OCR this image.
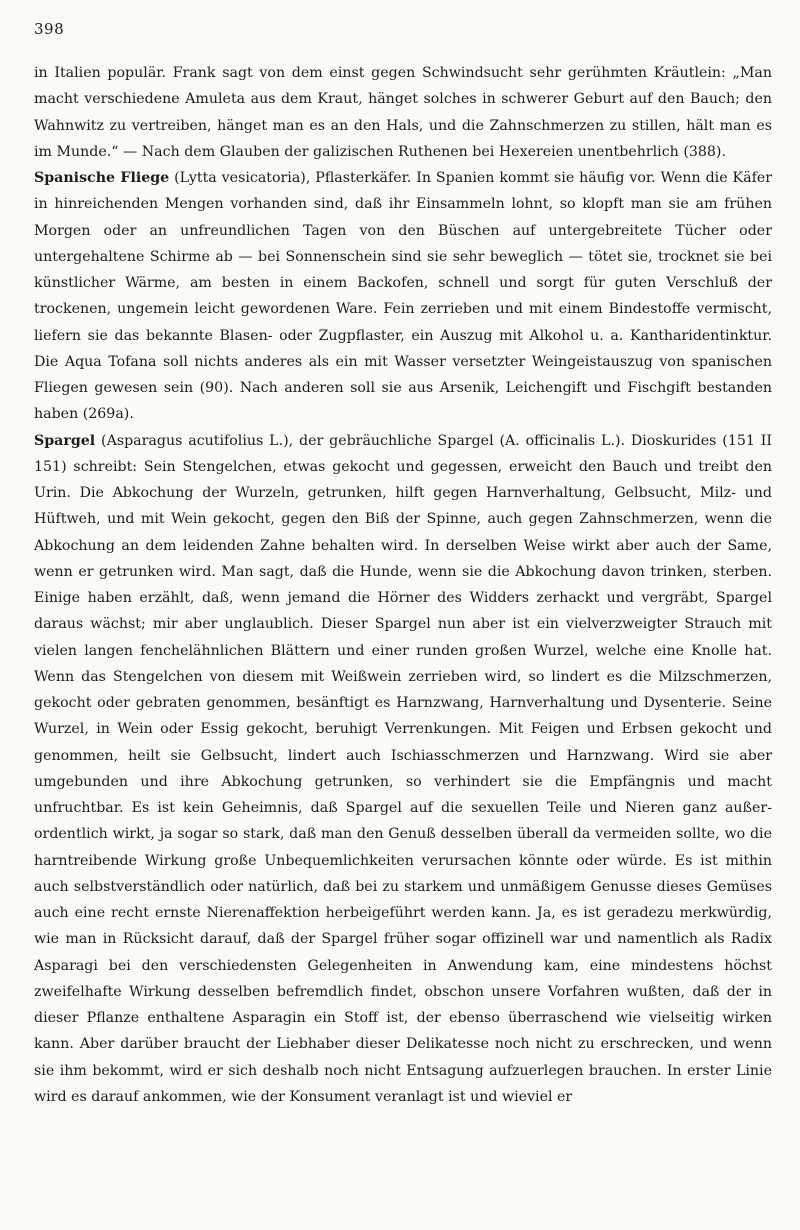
398

in Italien populär. Frank sagt von dem einst gegen Schwindsucht sehr gerühmten Kräutlein: „Man macht verschiedene Amuleta aus dem Kraut, hänget solches in schwerer Geburt auf den Bauch; den Wahnwitz zu vertreiben, hänget man es an den Hals, und die Zahnschmerzen zu stillen, hält man es im Munde.“ — Nach dem Glauben der galizischen Ruthenen bei Hexereien unentbehrlich (388).

Spanische Fliege (Lytta vesicatoria), Pflasterkäfer. In Spanien kommt sie häufig vor. Wenn die Käfer in hinreichenden Mengen vorhanden sind, daß ihr Einsammeln lohnt, so klopft man sie am frühen Morgen oder an unfreundlichen Tagen von den Büschen auf untergebreitete Tücher oder untergehaltene Schirme ab — bei Sonnenschein sind sie sehr beweglich — tötet sie, trocknet sie bei künstlicher Wärme, am besten in einem Backofen, schnell und sorgt für guten Verschluß der trockenen, ungemein leicht gewordenen Ware. Fein zerrieben und mit einem Bindestoffe vermischt, liefern sie das bekannte Blasen- oder Zugpflaster, ein Auszug mit Alkohol u. a. Kantharidentinktur. Die Aqua Tofana soll nichts anderes als ein mit Wasser versetzter Weingeistauszug von spanischen Fliegen gewesen sein (90). Nach anderen soll sie aus Arsenik, Leichengift und Fischgift bestanden haben (269a).

Spargel (Asparagus acutifolius L.), der gebräuchliche Spargel (A. officinalis L.). Dioskurides (151 II 151) schreibt: Sein Stengelchen, etwas gekocht und gegessen, erweicht den Bauch und treibt den Urin. Die Abkochung der Wurzeln, getrunken, hilft gegen Harnverhaltung, Gelbsucht, Milz- und Hüftweh, und mit Wein gekocht, gegen den Biß der Spinne, auch gegen Zahnschmerzen, wenn die Abkochung an dem leidenden Zahne behalten wird. In derselben Weise wirkt aber auch der Same, wenn er getrunken wird. Man sagt, daß die Hunde, wenn sie die Abkochung davon trinken, sterben. Einige haben erzählt, daß, wenn jemand die Hörner des Widders zerhackt und vergräbt, Spargel daraus wächst; mir aber unglaublich. Dieser Spargel nun aber ist ein vielverzweigter Strauch mit vielen langen fenchelähnlichen Blättern und einer runden großen Wurzel, welche eine Knolle hat. Wenn das Stengelchen von diesem mit Weißwein zerrieben wird, so lindert es die Milzschmerzen, gekocht oder gebraten genommen, besänftigt es Harnzwang, Harnverhaltung und Dysenterie. Seine Wurzel, in Wein oder Essig gekocht, beruhigt Verrenkungen. Mit Feigen und Erbsen gekocht und genommen, heilt sie Gelbsucht, lindert auch Ischiasschmerzen und Harnzwang. Wird sie aber umgebunden und ihre Abkochung getrunken, so verhindert sie die Empfängnis und macht unfruchtbar. Es ist kein Geheimnis, daß Spargel auf die sexuellen Teile und Nieren ganz außerordentlich wirkt, ja sogar so stark, daß man den Genuß desselben überall da vermeiden sollte, wo die harntreibende Wirkung große Unbequemlichkeiten verursachen könnte oder würde. Es ist mithin auch selbstverständlich oder natürlich, daß bei zu starkem und unmäßigem Genusse dieses Gemüses auch eine recht ernste Nierenaffektion herbeigeführt werden kann. Ja, es ist geradezu merkwürdig, wie man in Rücksicht darauf, daß der Spargel früher sogar offizinell war und namentlich als Radix Asparagi bei den verschiedensten Gelegenheiten in Anwendung kam, eine mindestens höchst zweifelhafte Wirkung desselben befremdlich findet, obschon unsere Vorfahren wußten, daß der in dieser Pflanze enthaltene Asparagin ein Stoff ist, der ebenso überraschend wie vielseitig wirken kann. Aber darüber braucht der Liebhaber dieser Delikatesse noch nicht zu erschrecken, und wenn sie ihm bekommt, wird er sich deshalb noch nicht Entsagung aufzuerlegen brauchen. In erster Linie wird es darauf ankommen, wie der Konsument veranlagt ist und wieviel er
